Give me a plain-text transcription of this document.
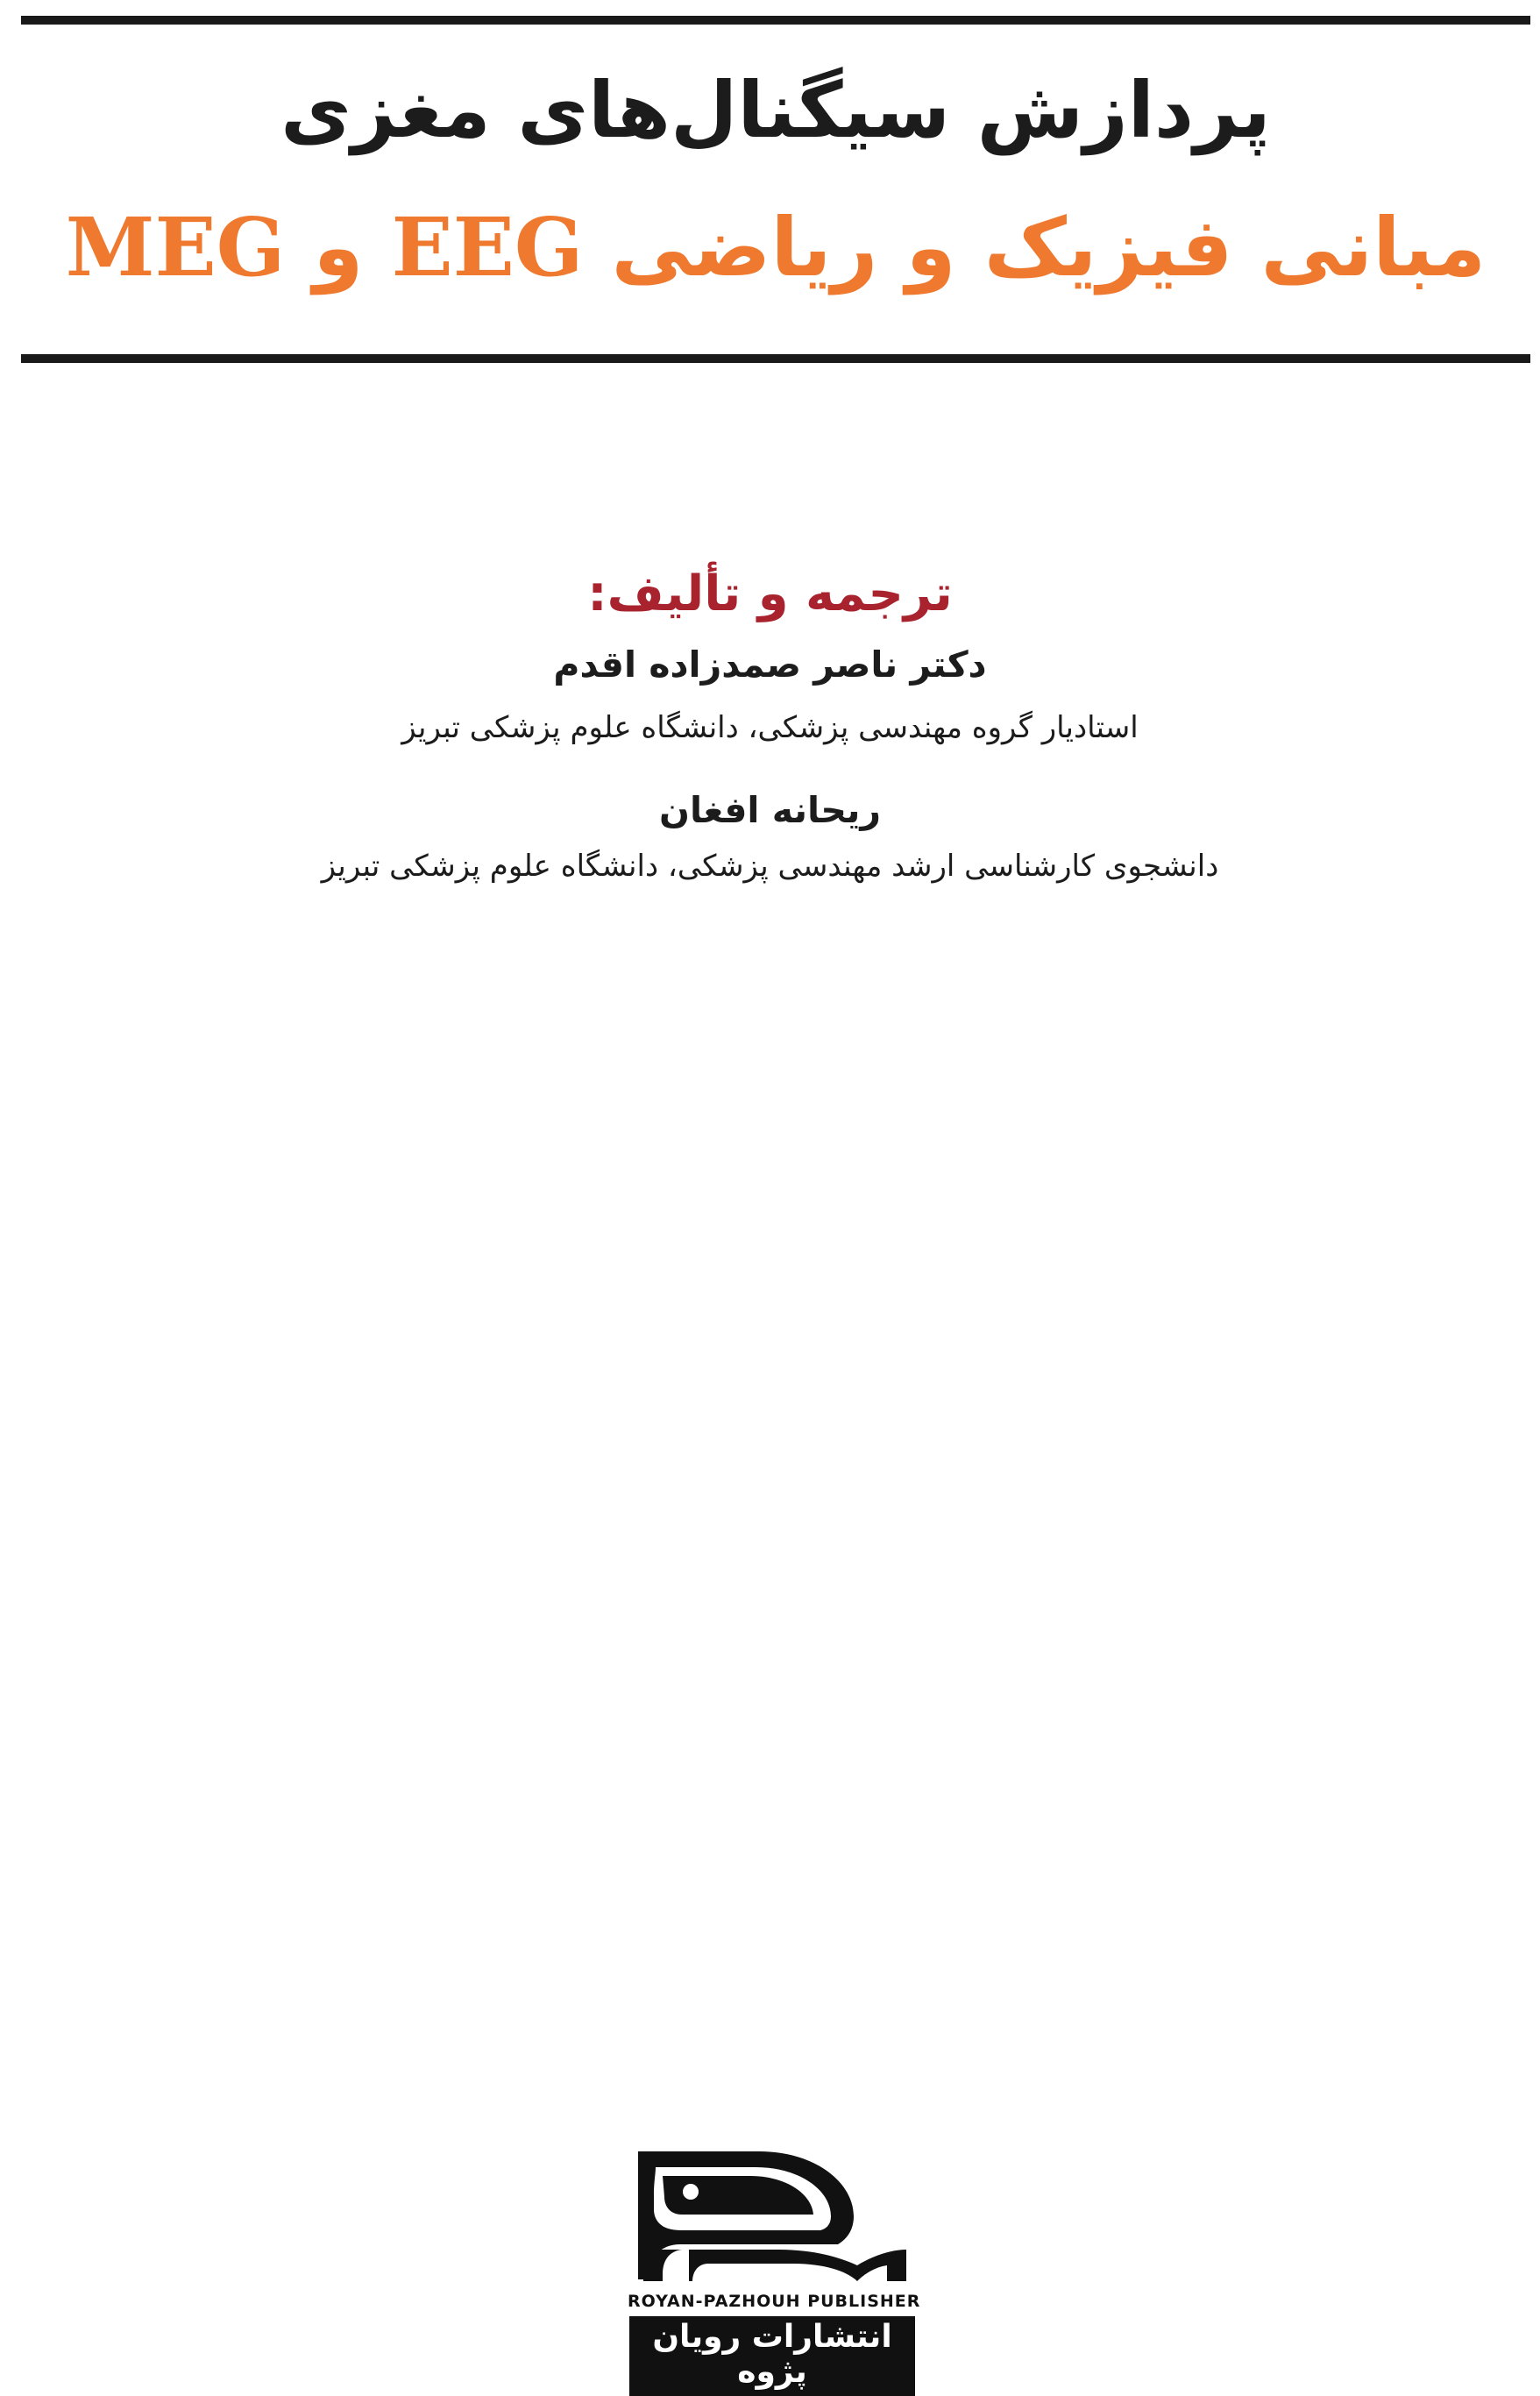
پردازش سیگنال‌های مغزی
مبانی فیزیک و ریاضی EEG و MEG
ترجمه و تألیف:
دکتر ناصر صمدزاده اقدم
استادیار گروه مهندسی پزشکی، دانشگاه علوم پزشکی تبریز
ریحانه افغان
دانشجوی کارشناسی ارشد مهندسی پزشکی، دانشگاه علوم پزشکی تبریز
ROYAN-PAZHOUH PUBLISHER
انتشارات رویان پژوه
